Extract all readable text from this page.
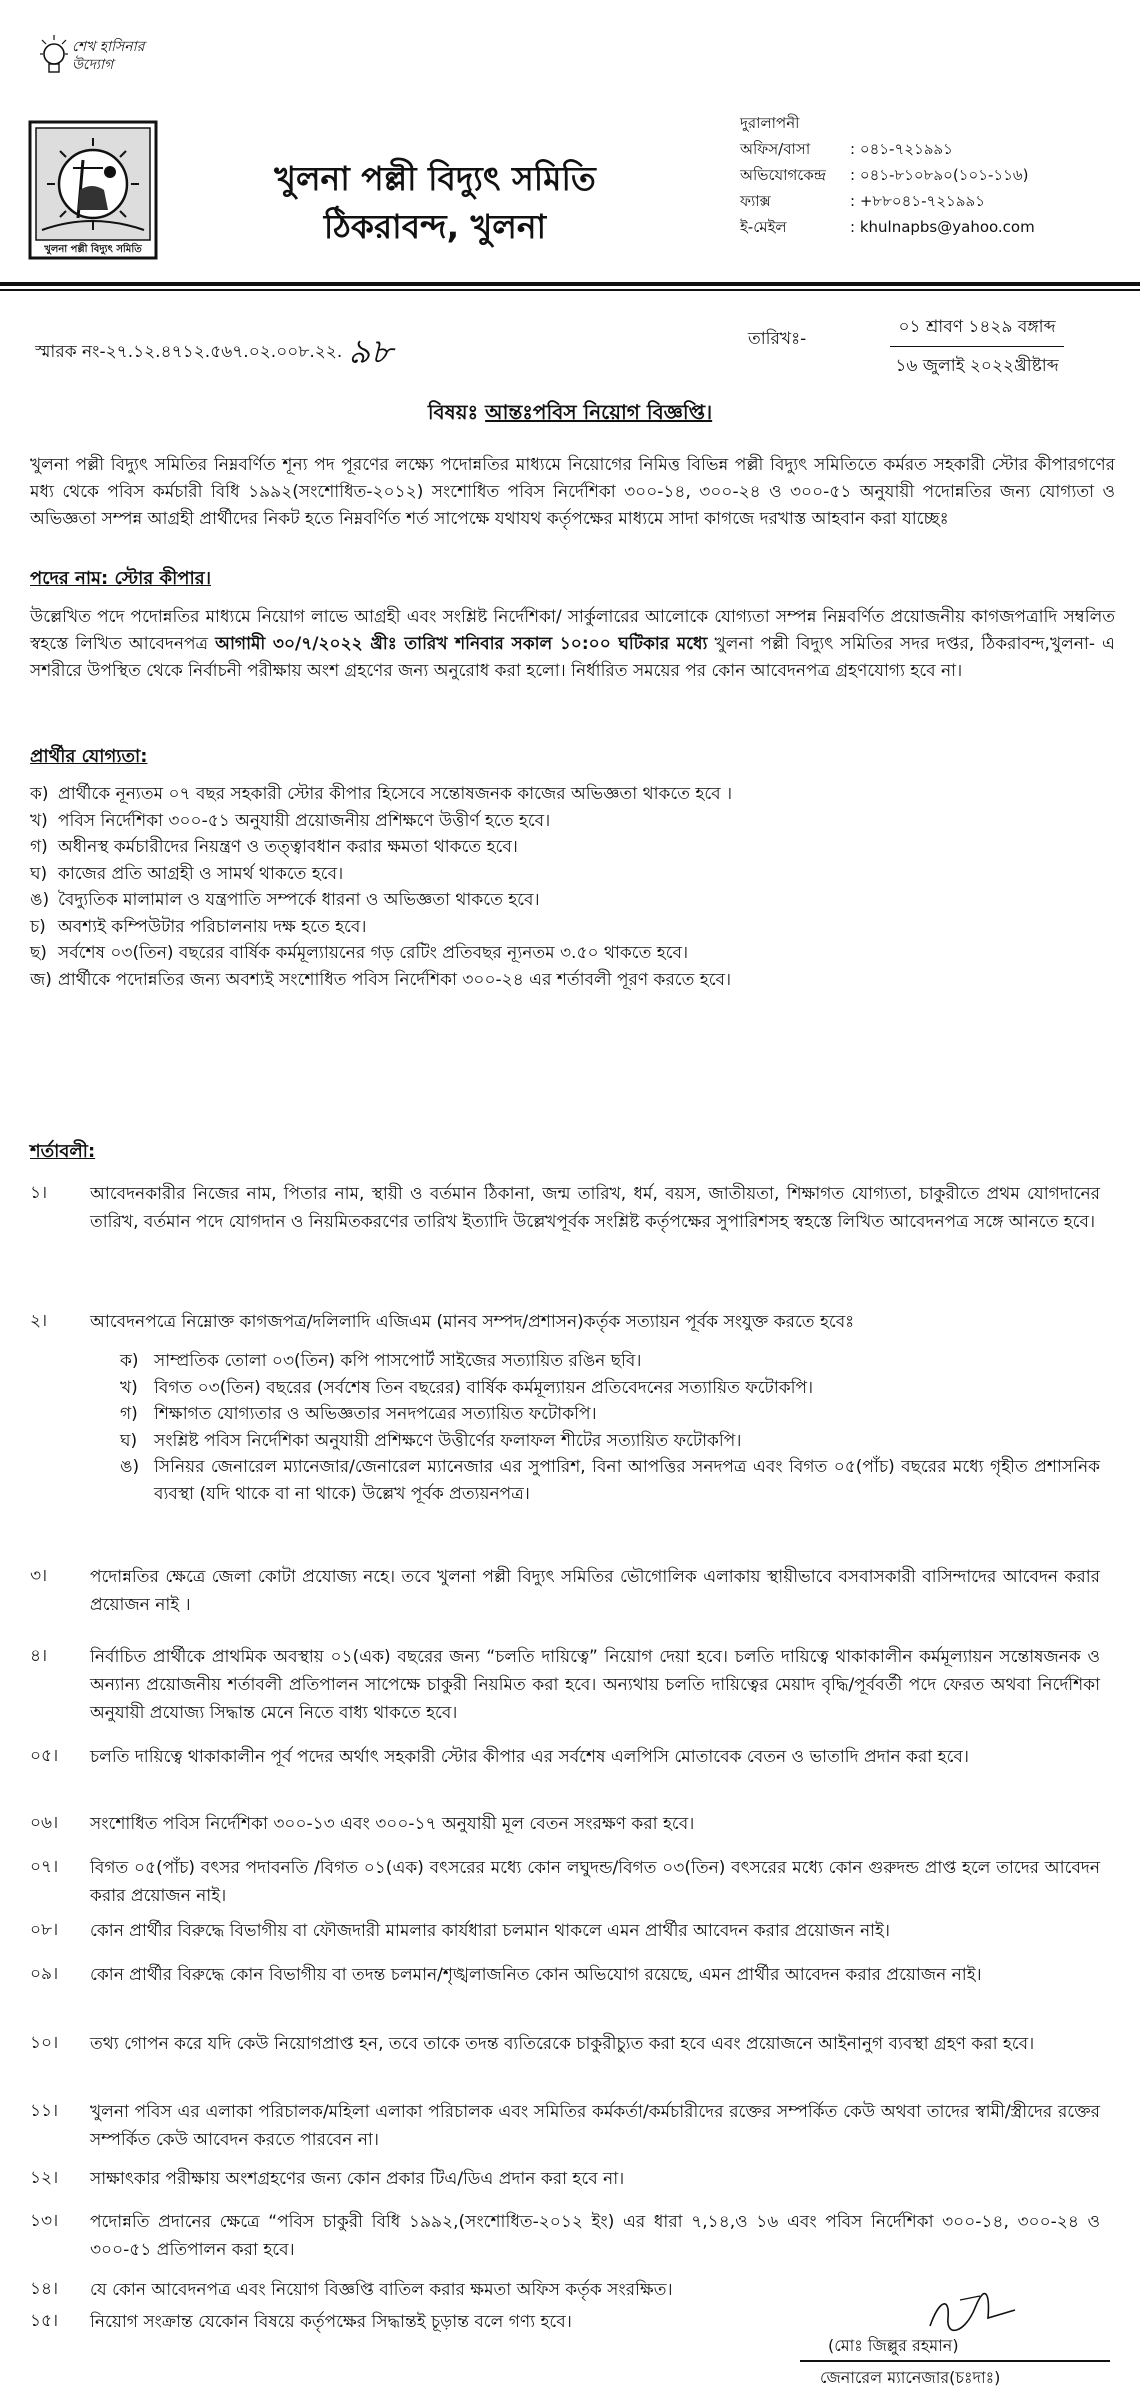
শেখ হাসিনার উদ্যোগ
খুলনা পল্লী বিদ্যুৎ সমিতি
খুলনা পল্লী বিদ্যুৎ সমিতি
ঠিকরাবন্দ, খুলনা
দুরালাপনী
অফিস/বাসা	: ০৪১-৭২১৯৯১
অভিযোগকেন্দ্র	: ০৪১-৮১০৮৯০(১০১-১১৬)
ফ্যাক্স	: +৮৮০৪১-৭২১৯৯১
ই-মেইল	: khulnapbs@yahoo.com
স্মারক নং-২৭.১২.৪৭১২.৫৬৭.০২.০০৮.২২. ৯৮	তারিখঃ-
০১ শ্রাবণ ১৪২৯ বঙ্গাব্দ
১৬ জুলাই ২০২২খ্রীষ্টাব্দ
বিষয়ঃ আন্তঃপবিস নিয়োগ বিজ্ঞপ্তি।
খুলনা পল্লী বিদ্যুৎ সমিতির নিম্নবর্ণিত শূন্য পদ পূরণের লক্ষ্যে পদোন্নতির মাধ্যমে নিয়োগের নিমিত্ত বিভিন্ন পল্লী বিদ্যুৎ সমিতিতে কর্মরত সহকারী স্টোর কীপারগণের মধ্য থেকে পবিস কর্মচারী বিধি ১৯৯২(সংশোধিত-২০১২) সংশোধিত পবিস নির্দেশিকা ৩০০-১৪, ৩০০-২৪ ও ৩০০-৫১ অনুযায়ী পদোন্নতির জন্য যোগ্যতা ও অভিজ্ঞতা সম্পন্ন আগ্রহী প্রার্থীদের নিকট হতে নিম্নবর্ণিত শর্ত সাপেক্ষে যথাযথ কর্তৃপক্ষের মাধ্যমে সাদা কাগজে দরখাস্ত আহবান করা যাচ্ছেঃ
পদের নাম: স্টোর কীপার।
উল্লেখিত পদে পদোন্নতির মাধ্যমে নিয়োগ লাভে আগ্রহী এবং সংশ্লিষ্ট নির্দেশিকা/ সার্কুলারের আলোকে যোগ্যতা সম্পন্ন নিম্নবর্ণিত প্রয়োজনীয় কাগজপত্রাদি সম্বলিত স্বহস্তে লিখিত আবেদনপত্র আগামী ৩০/৭/২০২২ খ্রীঃ তারিখ শনিবার সকাল ১০:০০ ঘটিকার মধ্যে খুলনা পল্লী বিদ্যুৎ সমিতির সদর দপ্তর, ঠিকরাবন্দ,খুলনা- এ সশরীরে উপস্থিত থেকে নির্বাচনী পরীক্ষায় অংশ গ্রহণের জন্য অনুরোধ করা হলো। নির্ধারিত সময়ের পর কোন আবেদনপত্র গ্রহণযোগ্য হবে না।
প্রার্থীর যোগ্যতা:
ক) প্রার্থীকে নূন্যতম ০৭ বছর সহকারী স্টোর কীপার হিসেবে সন্তোষজনক কাজের অভিজ্ঞতা থাকতে হবে ।
খ) পবিস নির্দেশিকা ৩০০-৫১ অনুযায়ী প্রয়োজনীয় প্রশিক্ষণে উত্তীর্ণ হতে হবে।
গ) অধীনস্থ কর্মচারীদের নিয়ন্ত্রণ ও তত্ত্বাবধান করার ক্ষমতা থাকতে হবে।
ঘ) কাজের প্রতি আগ্রহী ও সামর্থ থাকতে হবে।
ঙ) বৈদ্যুতিক মালামাল ও যন্ত্রপাতি সম্পর্কে ধারনা ও অভিজ্ঞতা থাকতে হবে।
চ) অবশ্যই কম্পিউটার পরিচালনায় দক্ষ হতে হবে।
ছ) সর্বশেষ ০৩(তিন) বছরের বার্ষিক কর্মমূল্যায়নের গড় রেটিং প্রতিবছর ন্যূনতম ৩.৫০ থাকতে হবে।
জ) প্রার্থীকে পদোন্নতির জন্য অবশ্যই সংশোধিত পবিস নির্দেশিকা ৩০০-২৪ এর শর্তাবলী পূরণ করতে হবে।
শর্তাবলী:
১।	আবেদনকারীর নিজের নাম, পিতার নাম, স্থায়ী ও বর্তমান ঠিকানা, জন্ম তারিখ, ধর্ম, বয়স, জাতীয়তা, শিক্ষাগত যোগ্যতা, চাকুরীতে প্রথম যোগদানের তারিখ, বর্তমান পদে যোগদান ও নিয়মিতকরণের তারিখ ইত্যাদি উল্লেখপূর্বক সংশ্লিষ্ট কর্তৃপক্ষের সুপারিশসহ স্বহস্তে লিখিত আবেদনপত্র সঙ্গে আনতে হবে।
২।	আবেদনপত্রে নিম্নোক্ত কাগজপত্র/দলিলাদি এজিএম (মানব সম্পদ/প্রশাসন)কর্তৃক সত্যায়ন পূর্বক সংযুক্ত করতে হবেঃ
ক) সাম্প্রতিক তোলা ০৩(তিন) কপি পাসপোর্ট সাইজের সত্যায়িত রঙিন ছবি।
খ) বিগত ০৩(তিন) বছরের (সর্বশেষ তিন বছরের) বার্ষিক কর্মমূল্যায়ন প্রতিবেদনের সত্যায়িত ফটোকপি।
গ) শিক্ষাগত যোগ্যতার ও অভিজ্ঞতার সনদপত্রের সত্যায়িত ফটোকপি।
ঘ) সংশ্লিষ্ট পবিস নির্দেশিকা অনুযায়ী প্রশিক্ষণে উত্তীর্ণের ফলাফল শীটের সত্যায়িত ফটোকপি।
ঙ) সিনিয়র জেনারেল ম্যানেজার/জেনারেল ম্যানেজার এর সুপারিশ, বিনা আপত্তির সনদপত্র এবং বিগত ০৫(পাঁচ) বছরের মধ্যে গৃহীত প্রশাসনিক ব্যবস্থা (যদি থাকে বা না থাকে) উল্লেখ পূর্বক প্রত্যয়নপত্র।
৩।	পদোন্নতির ক্ষেত্রে জেলা কোটা প্রযোজ্য নহে। তবে খুলনা পল্লী বিদ্যুৎ সমিতির ভৌগোলিক এলাকায় স্থায়ীভাবে বসবাসকারী বাসিন্দাদের আবেদন করার প্রয়োজন নাই ।
৪।	নির্বাচিত প্রার্থীকে প্রাথমিক অবস্থায় ০১(এক) বছরের জন্য “চলতি দায়িত্বে” নিয়োগ দেয়া হবে। চলতি দায়িত্বে থাকাকালীন কর্মমূল্যায়ন সন্তোষজনক ও অন্যান্য প্রয়োজনীয় শর্তাবলী প্রতিপালন সাপেক্ষে চাকুরী নিয়মিত করা হবে। অন্যথায় চলতি দায়িত্বের মেয়াদ বৃদ্ধি/পূর্ববর্তী পদে ফেরত অথবা নির্দেশিকা অনুযায়ী প্রযোজ্য সিদ্ধান্ত মেনে নিতে বাধ্য থাকতে হবে।
০৫।	চলতি দায়িত্বে থাকাকালীন পূর্ব পদের অর্থাৎ সহকারী স্টোর কীপার এর সর্বশেষ এলপিসি মোতাবেক বেতন ও ভাতাদি প্রদান করা হবে।
০৬।	সংশোধিত পবিস নির্দেশিকা ৩০০-১৩ এবং ৩০০-১৭ অনুযায়ী মূল বেতন সংরক্ষণ করা হবে।
০৭।	বিগত ০৫(পাঁচ) বৎসর পদাবনতি /বিগত ০১(এক) বৎসরের মধ্যে কোন লঘুদন্ড/বিগত ০৩(তিন) বৎসরের মধ্যে কোন গুরুদন্ড প্রাপ্ত হলে তাদের আবেদন করার প্রয়োজন নাই।
০৮।	কোন প্রার্থীর বিরুদ্ধে বিভাগীয় বা ফৌজদারী মামলার কার্যধারা চলমান থাকলে এমন প্রার্থীর আবেদন করার প্রয়োজন নাই।
০৯।	কোন প্রার্থীর বিরুদ্ধে কোন বিভাগীয় বা তদন্ত চলমান/শৃঙ্খলাজনিত কোন অভিযোগ রয়েছে, এমন প্রার্থীর আবেদন করার প্রয়োজন নাই।
১০।	তথ্য গোপন করে যদি কেউ নিয়োগপ্রাপ্ত হন, তবে তাকে তদন্ত ব্যতিরেকে চাকুরীচ্যুত করা হবে এবং প্রয়োজনে আইনানুগ ব্যবস্থা গ্রহণ করা হবে।
১১।	খুলনা পবিস এর এলাকা পরিচালক/মহিলা এলাকা পরিচালক এবং সমিতির কর্মকর্তা/কর্মচারীদের রক্তের সম্পর্কিত কেউ অথবা তাদের স্বামী/স্ত্রীদের রক্তের সম্পর্কিত কেউ আবেদন করতে পারবেন না।
১২।	সাক্ষাৎকার পরীক্ষায় অংশগ্রহণের জন্য কোন প্রকার টিএ/ডিএ প্রদান করা হবে না।
১৩।	পদোন্নতি প্রদানের ক্ষেত্রে “পবিস চাকুরী বিধি ১৯৯২,(সংশোধিত-২০১২ ইং) এর ধারা ৭,১৪,ও ১৬ এবং পবিস নির্দেশিকা ৩০০-১৪, ৩০০-২৪ ও ৩০০-৫১ প্রতিপালন করা হবে।
১৪।	যে কোন আবেদনপত্র এবং নিয়োগ বিজ্ঞপ্তি বাতিল করার ক্ষমতা অফিস কর্তৃক সংরক্ষিত।
১৫।	নিয়োগ সংক্রান্ত যেকোন বিষয়ে কর্তৃপক্ষের সিদ্ধান্তই চূড়ান্ত বলে গণ্য হবে।
(মোঃ জিল্লুর রহমান)
জেনারেল ম্যানেজার(চঃদাঃ)
